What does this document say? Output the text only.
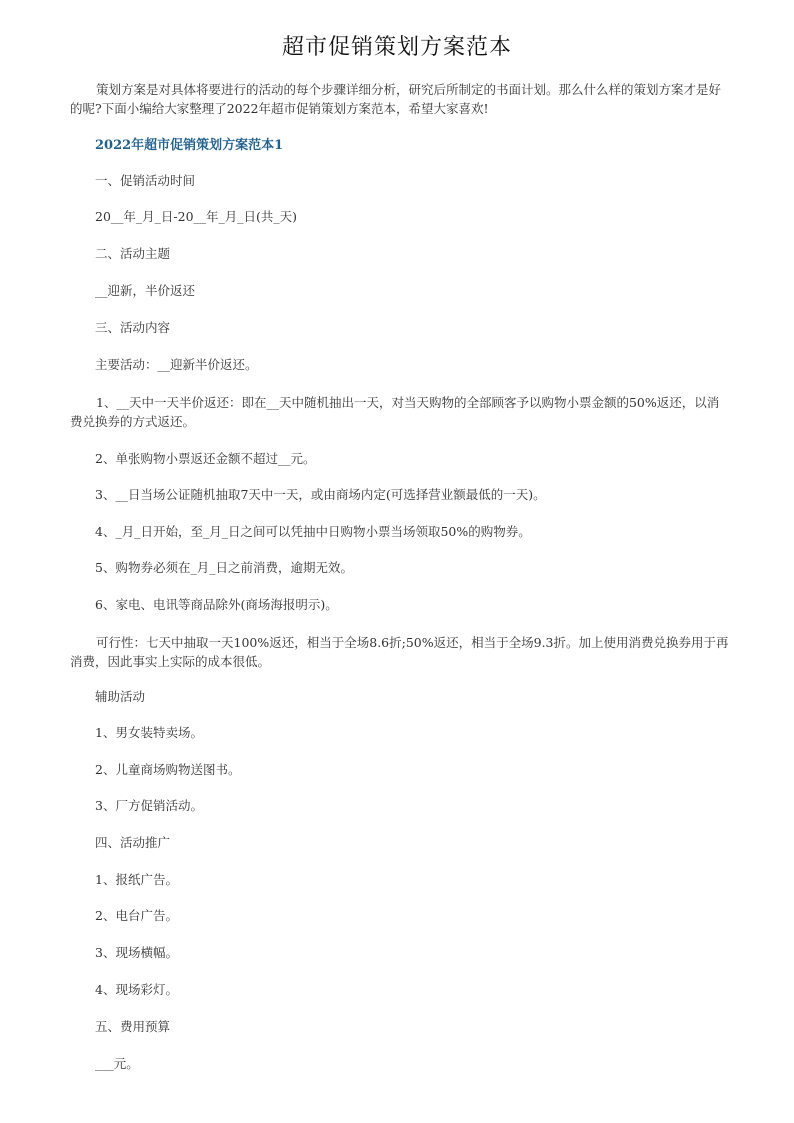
超市促销策划方案范本
策划方案是对具体将要进行的活动的每个步骤详细分析，研究后所制定的书面计划。那么什么样的策划方案才是好的呢?下面小编给大家整理了2022年超市促销策划方案范本，希望大家喜欢!
2022年超市促销策划方案范本1
一、促销活动时间
20__年_月_日-20__年_月_日(共_天)
二、活动主题
__迎新，半价返还
三、活动内容
主要活动：__迎新半价返还。
1、__天中一天半价返还：即在__天中随机抽出一天，对当天购物的全部顾客予以购物小票金额的50%返还，以消费兑换券的方式返还。
2、单张购物小票返还金额不超过__元。
3、__日当场公证随机抽取7天中一天，或由商场内定(可选择营业额最低的一天)。
4、_月_日开始，至_月_日之间可以凭抽中日购物小票当场领取50%的购物券。
5、购物券必须在_月_日之前消费，逾期无效。
6、家电、电讯等商品除外(商场海报明示)。
可行性：七天中抽取一天100%返还，相当于全场8.6折;50%返还，相当于全场9.3折。加上使用消费兑换券用于再消费，因此事实上实际的成本很低。
辅助活动
1、男女装特卖场。
2、儿童商场购物送图书。
3、厂方促销活动。
四、活动推广
1、报纸广告。
2、电台广告。
3、现场横幅。
4、现场彩灯。
五、费用预算
___元。
